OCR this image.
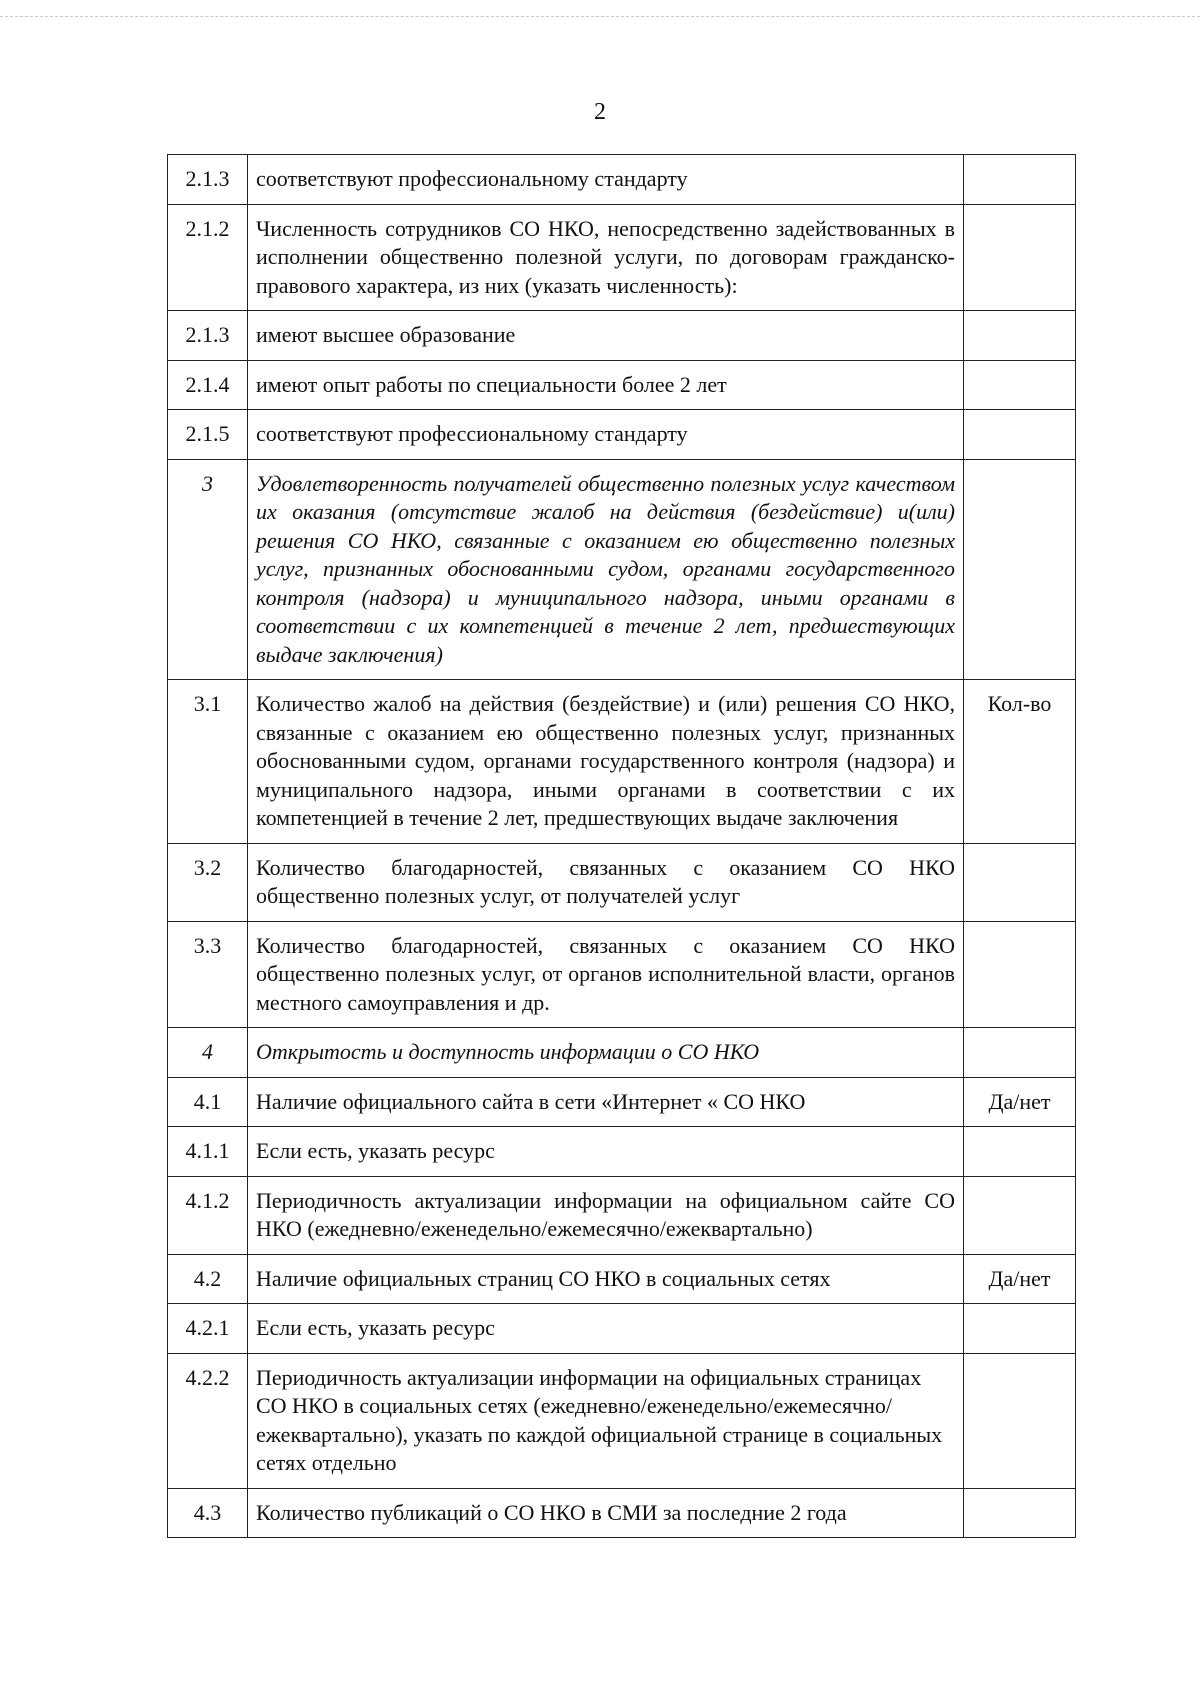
2
2.1.3	соответствуют профессиональному стандарту	
2.1.2	Численность сотрудников СО НКО, непосредственно задействованных в исполнении общественно полезной услуги, по договорам гражданско-правового характера, из них (указать численность):	
2.1.3	имеют высшее образование	
2.1.4	имеют опыт работы по специальности более 2 лет	
2.1.5	соответствуют профессиональному стандарту	
3	Удовлетворенность получателей общественно полезных услуг качеством их оказания (отсутствие жалоб на действия (бездействие) и(или) решения СО НКО, связанные с оказанием ею общественно полезных услуг, признанных обоснованными судом, органами государственного контроля (надзора) и муниципального надзора, иными органами в соответствии с их компетенцией в течение 2 лет, предшествующих выдаче заключения)	
3.1	Количество жалоб на действия (бездействие) и (или) решения СО НКО, связанные с оказанием ею общественно полезных услуг, признанных обоснованными судом, органами государственного контроля (надзора) и муниципального надзора, иными органами в соответствии с их компетенцией в течение 2 лет, предшествующих выдаче заключения	Кол-во
3.2	Количество благодарностей, связанных с оказанием СО НКО общественно полезных услуг, от получателей услуг	
3.3	Количество благодарностей, связанных с оказанием СО НКО общественно полезных услуг, от органов исполнительной власти, органов местного самоуправления и др.	
4	Открытость и доступность информации о СО НКО	
4.1	Наличие официального сайта в сети «Интернет « СО НКО	Да/нет
4.1.1	Если есть, указать ресурс	
4.1.2	Периодичность актуализации информации на официальном сайте СО НКО (ежедневно/еженедельно/ежемесячно/ежеквартально)	
4.2	Наличие официальных страниц СО НКО в социальных сетях	Да/нет
4.2.1	Если есть, указать ресурс	
4.2.2	Периодичность актуализации информации на официальных страницах СО НКО в социальных сетях (ежедневно/еженедельно/ежемесячно/ежеквартально), указать по каждой официальной странице в социальных сетях отдельно	
4.3	Количество публикаций о СО НКО в СМИ за последние 2 года	
